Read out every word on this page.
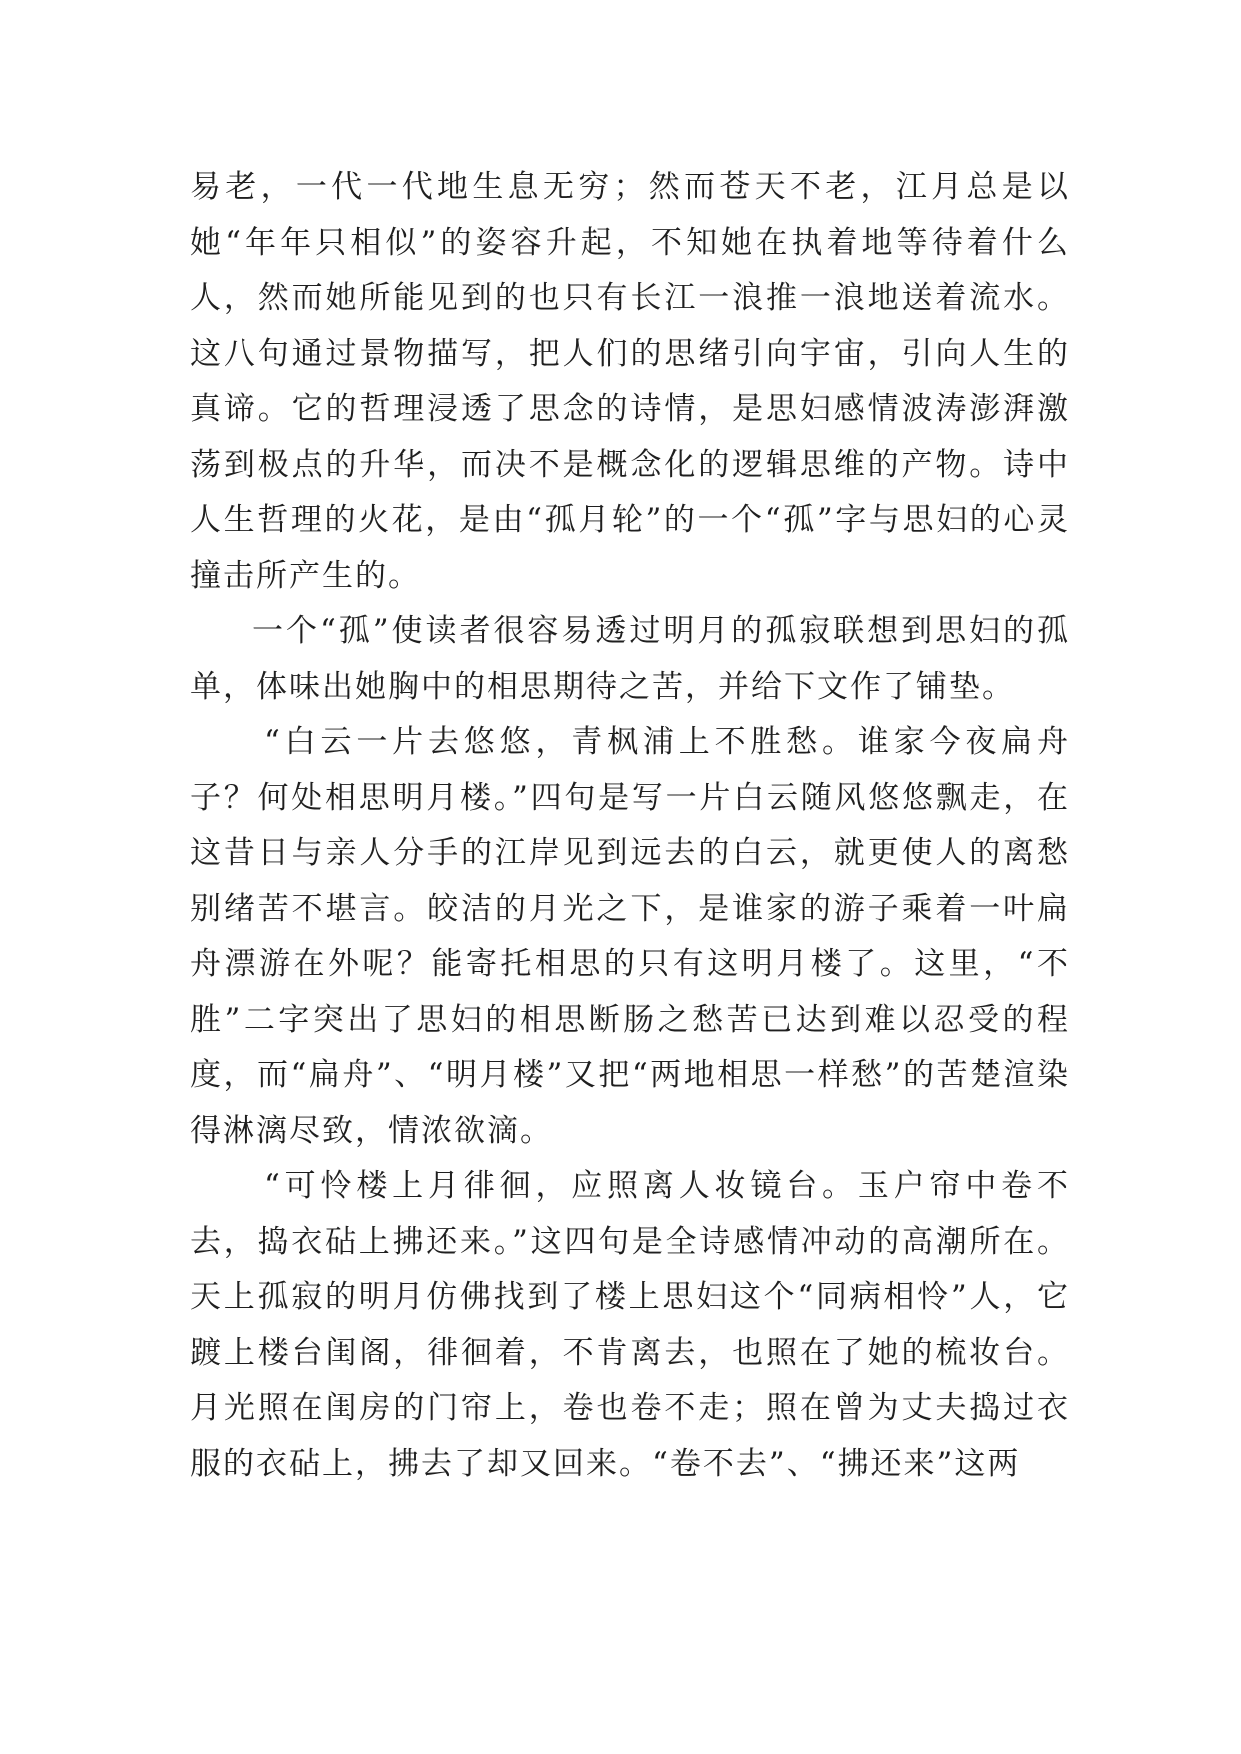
易老，一代一代地生息无穷；然而苍天不老，江月总是以她“年年只相似”的姿容升起，不知她在执着地等待着什么人，然而她所能见到的也只有长江一浪推一浪地送着流水。这八句通过景物描写，把人们的思绪引向宇宙，引向人生的真谛。它的哲理浸透了思念的诗情，是思妇感情波涛澎湃激荡到极点的升华，而决不是概念化的逻辑思维的产物。诗中人生哲理的火花，是由“孤月轮”的一个“孤”字与思妇的心灵撞击所产生的。

一个“孤”使读者很容易透过明月的孤寂联想到思妇的孤单，体味出她胸中的相思期待之苦，并给下文作了铺垫。

“白云一片去悠悠，青枫浦上不胜愁。谁家今夜扁舟子？何处相思明月楼。”四句是写一片白云随风悠悠飘走，在这昔日与亲人分手的江岸见到远去的白云，就更使人的离愁别绪苦不堪言。皎洁的月光之下，是谁家的游子乘着一叶扁舟漂游在外呢？能寄托相思的只有这明月楼了。这里，“不胜”二字突出了思妇的相思断肠之愁苦已达到难以忍受的程度，而“扁舟”、“明月楼”又把“两地相思一样愁”的苦楚渲染得淋漓尽致，情浓欲滴。

“可怜楼上月徘徊，应照离人妆镜台。玉户帘中卷不去，捣衣砧上拂还来。”这四句是全诗感情冲动的高潮所在。天上孤寂的明月仿佛找到了楼上思妇这个“同病相怜”人，它踱上楼台闺阁，徘徊着，不肯离去，也照在了她的梳妆台。月光照在闺房的门帘上，卷也卷不走；照在曾为丈夫捣过衣服的衣砧上，拂去了却又回来。“卷不去”、“拂还来”这两
